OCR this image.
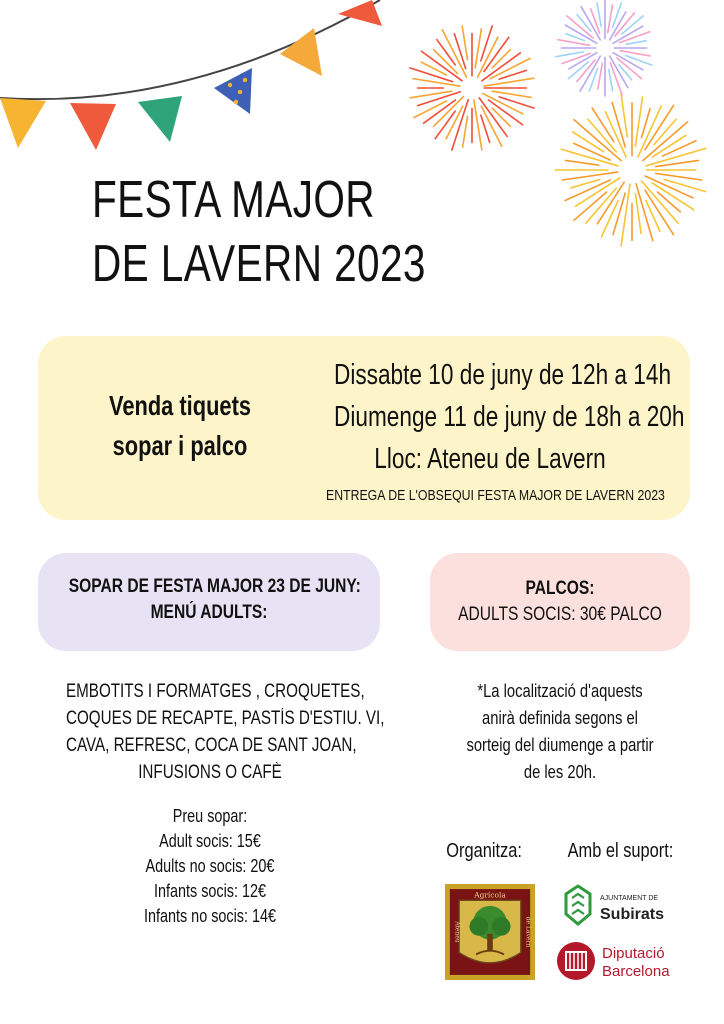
FESTA MAJOR
DE LAVERN 2023
Venda tiquets
sopar i palco
Dissabte 10 de juny de 12h a 14h
Diumenge 11 de juny de 18h a 20h
Lloc: Ateneu de Lavern
ENTREGA DE L'OBSEQUI FESTA MAJOR DE LAVERN 2023
SOPAR DE FESTA MAJOR 23 DE JUNY:
MENÚ ADULTS:
PALCOS:
ADULTS SOCIS: 30€ PALCO
EMBOTITS I FORMATGES , CROQUETES,
COQUES DE RECAPTE, PASTÍS D'ESTIU. VI,
CAVA, REFRESC, COCA DE SANT JOAN,
INFUSIONS O CAFÈ
Preu sopar:
Adult socis: 15€
Adults no socis: 20€
Infants socis: 12€
Infants no socis: 14€
*La localització d'aquests
anirà definida segons el
sorteig del diumenge a partir
de les 20h.
Organitza:	Amb el suport:
Agrícola
Ateneu	de Lavern
AJUNTAMENT DE
Subirats
Diputació
Barcelona
